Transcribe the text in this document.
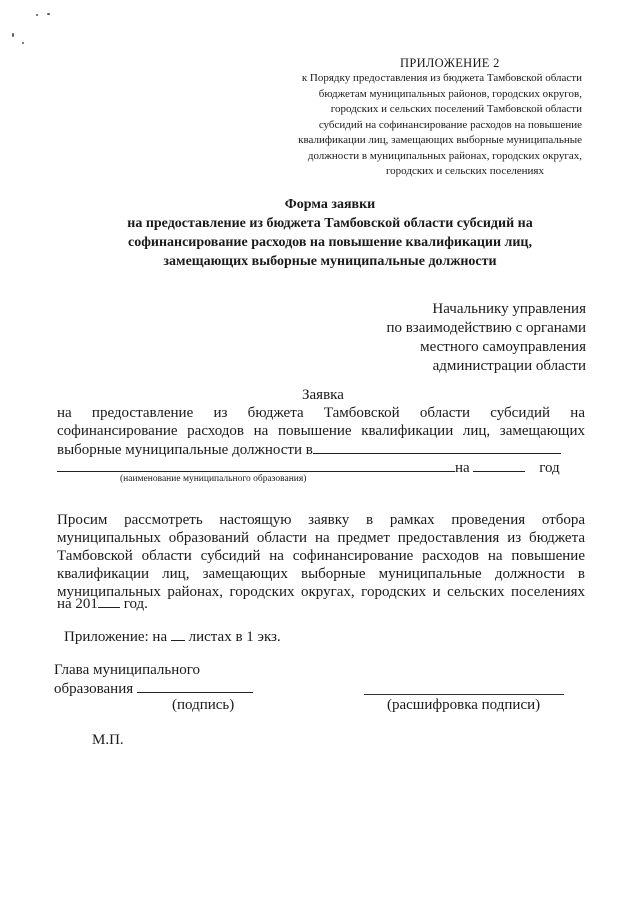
ПРИЛОЖЕНИЕ 2
к Порядку предоставления из бюджета Тамбовской области
бюджетам муниципальных районов, городских округов,
городских и сельских поселений Тамбовской области
субсидий на софинансирование расходов на повышение
квалификации лиц, замещающих выборные муниципальные
должности в муниципальных районах, городских округах,
городских и сельских поселениях
Форма заявки
на предоставление из бюджета Тамбовской области субсидий на
софинансирование расходов на повышение квалификации лиц,
замещающих выборные муниципальные должности
Начальнику управления
по взаимодействию с органами
местного самоуправления
администрации области
Заявка
на предоставление из бюджета Тамбовской области субсидий на
софинансирование расходов на повышение квалификации лиц, замещающих
выборные муниципальные должности в
на	год
(наименование муниципального образования)
Просим рассмотреть настоящую заявку в рамках проведения отбора
муниципальных образований области на предмет предоставления из бюджета
Тамбовской области субсидий на софинансирование расходов на повышение
квалификации лиц, замещающих выборные муниципальные должности в
муниципальных районах, городских округах, городских и сельских поселениях
на 201 год.
Приложение: на листах в 1 экз.
Глава муниципального
образования
(подпись)	(расшифровка подписи)
М.П.
